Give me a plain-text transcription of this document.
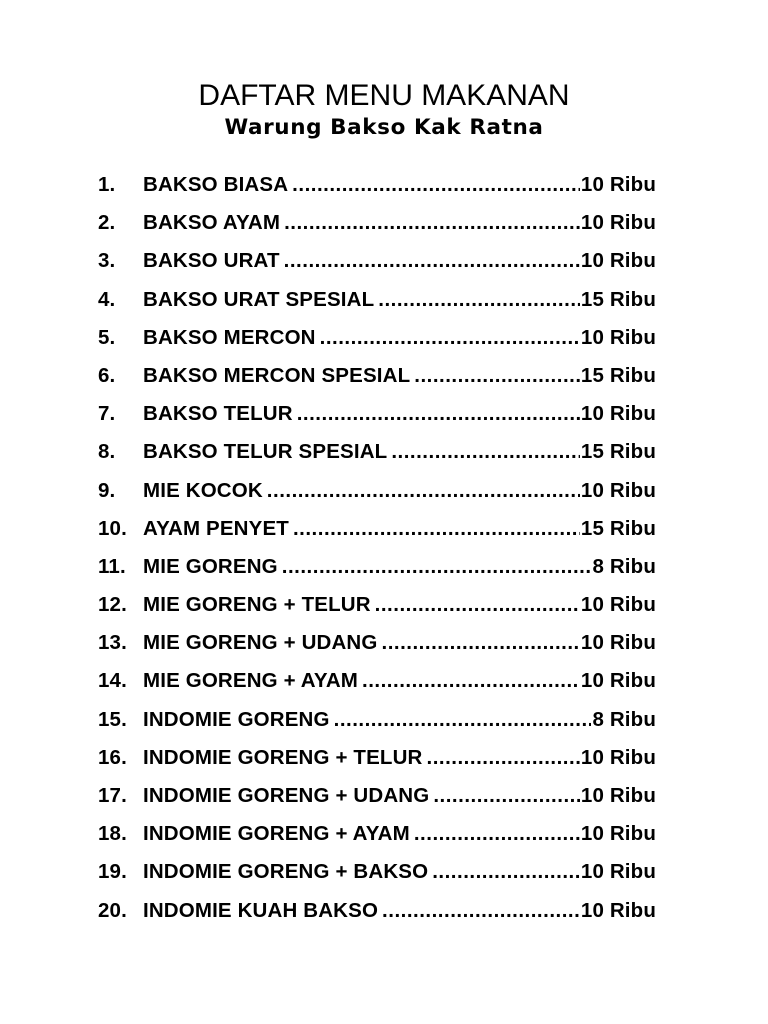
DAFTAR MENU MAKANAN
Warung Bakso Kak Ratna
1.	BAKSO BIASA .....	10 Ribu
2.	BAKSO AYAM .....	10 Ribu
3.	BAKSO URAT .....	10 Ribu
4.	BAKSO URAT SPESIAL .....	15 Ribu
5.	BAKSO MERCON .....	10 Ribu
6.	BAKSO MERCON SPESIAL .....	15 Ribu
7.	BAKSO TELUR .....	10 Ribu
8.	BAKSO TELUR SPESIAL .....	15 Ribu
9.	MIE KOCOK .....	10 Ribu
10. AYAM PENYET .....	15 Ribu
11. MIE GORENG .....	8 Ribu
12. MIE GORENG + TELUR .....	10 Ribu
13. MIE GORENG + UDANG .....	10 Ribu
14. MIE GORENG + AYAM .....	10 Ribu
15. INDOMIE GORENG .....	8 Ribu
16. INDOMIE GORENG + TELUR .....	10 Ribu
17. INDOMIE GORENG + UDANG .....	10 Ribu
18. INDOMIE GORENG + AYAM .....	10 Ribu
19. INDOMIE GORENG + BAKSO .....	10 Ribu
20. INDOMIE KUAH BAKSO .....	10 Ribu
